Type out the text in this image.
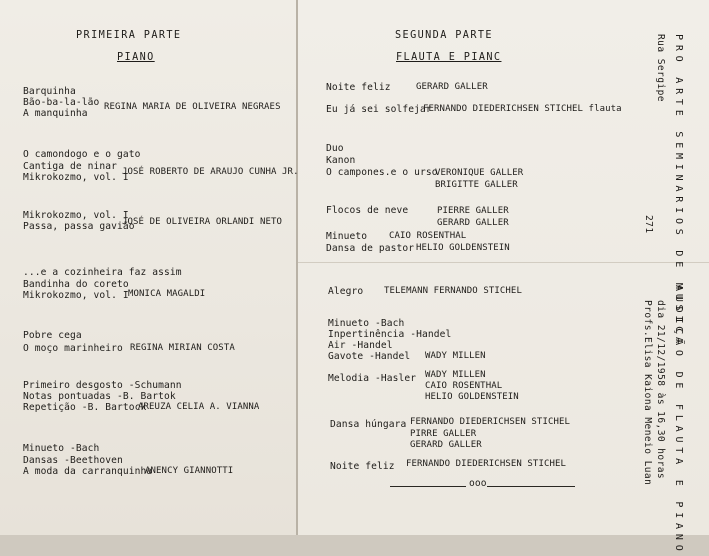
PRIMEIRA PARTE
PIANO
Barquinha
Bão-ba-la-lão
A manquinha
REGINA MARIA DE OLIVEIRA NEGRAES
O camondogo e o gato
Cantiga de ninar
Mikrokozmo, vol. I
JOSÉ ROBERTO DE ARAUJO CUNHA JR.
Mikrokozmo, vol. I
Passa, passa gavião
JOSÉ DE OLIVEIRA ORLANDI NETO
...e a cozinheira faz assim
Bandinha do coreto
Mikrokozmo, vol. I MONICA MAGALDI
Pobre cega
O moço marinheiro REGINA MIRIAN COSTA
Primeiro desgosto -Schumann
Notas pontuadas -B. Bartok
Repetição -B. Bartock
AREUZA CELIA A. VIANNA
Minueto -Bach
Dansas -Beethoven
A moda da carranquinha
ANENCY GIANNOTTI
SEGUNDA PARTE
FLAUTA E PIANC
Noite feliz	GERARD GALLER
Eu já sei solfejar
FERNANDO DIEDERICHSEN STICHEL flauta
Duo
Kanon
O campones.e o urso
VERONIQUE GALLER
BRIGITTE GALLER
Flocos de neve	PIERRE GALLER
GERARD GALLER
Minueto
Dansa de pastor
CAIO ROSENTHAL
HELIO GOLDENSTEIN
Alegro TELEMANN FERNANDO STICHEL
Minueto -Bach
Inpertinência -Handel
Air -Handel
Gavote -Handel WADY MILLEN
Melodia -Hasler WADY MILLEN
CAIO ROSENTHAL
HELIO GOLDENSTEIN
Dansa húngara FERNANDO DIEDERICHSEN STICHEL
PIRRE GALLER
GERARD GALLER
Noite feliz FERNANDO DIEDERICHSEN STICHEL
ooo
PRO ARTE SEMINARIOS DE MUSICA
Rua Sergipe
271
AUDIÇÃO DE FLAUTA E PIANO
dia 21/12/1958 às 16,30 horas
Profs.Elisa Kaiona Meneio Luan
